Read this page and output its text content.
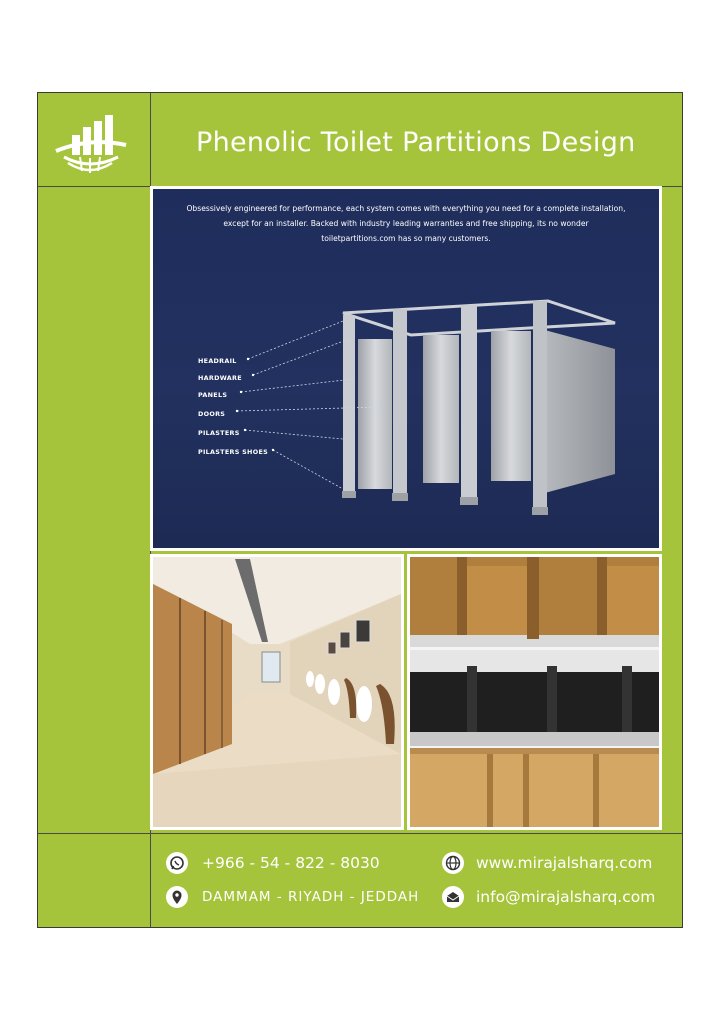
Phenolic Toilet Partitions Design
Obsessively engineered for performance, each system comes with everything you need for a complete installation,
except for an installer. Backed with industry leading warranties and free shipping, its no wonder
toiletpartitions.com has so many customers.
HEADRAIL
HARDWARE
PANELS
DOORS
PILASTERS
PILASTERS SHOES
+966 - 54 - 822 - 8030	www.mirajalsharq.com
DAMMAM - RIYADH - JEDDAH	info@mirajalsharq.com
